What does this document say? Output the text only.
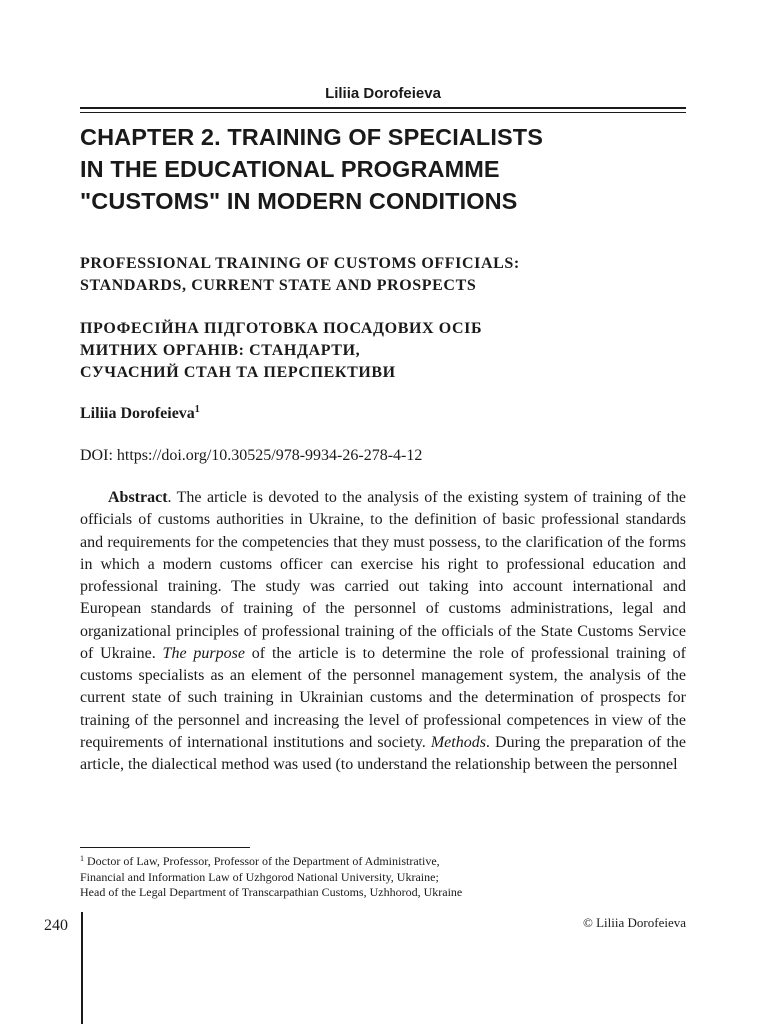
Liliia Dorofeieva
CHAPTER 2. TRAINING OF SPECIALISTS
IN THE EDUCATIONAL PROGRAMME
"CUSTOMS" IN MODERN CONDITIONS
PROFESSIONAL TRAINING OF CUSTOMS OFFICIALS:
STANDARDS, CURRENT STATE AND PROSPECTS
ПРОФЕСІЙНА ПІДГОТОВКА ПОСАДОВИХ ОСІБ
МИТНИХ ОРГАНІВ: СТАНДАРТИ,
СУЧАСНИЙ СТАН ТА ПЕРСПЕКТИВИ
Liliia Dorofeieva$^1$
DOI: https://doi.org/10.30525/978-9934-26-278-4-12

Abstract. The article is devoted to the analysis of the existing system of training of the officials of customs authorities in Ukraine, to the definition of basic professional standards and requirements for the competencies that they must possess, to the clarification of the forms in which a modern customs officer can exercise his right to professional education and professional training. The study was carried out taking into account international and European standards of training of the personnel of customs administrations, legal and organizational principles of professional training of the officials of the State Customs Service of Ukraine. The purpose of the article is to determine the role of professional training of customs specialists as an element of the personnel management system, the analysis of the current state of such training in Ukrainian customs and the determination of prospects for training of the personnel and increasing the level of professional competences in view of the requirements of international institutions and society. Methods. During the preparation of the article, the dialectical method was used (to understand the relationship between the personnel

$^1$ Doctor of Law, Professor, Professor of the Department of Administrative,
Financial and Information Law of Uzhgorod National University, Ukraine;
Head of the Legal Department of Transcarpathian Customs, Uzhhorod, Ukraine
240	© Liliia Dorofeieva
